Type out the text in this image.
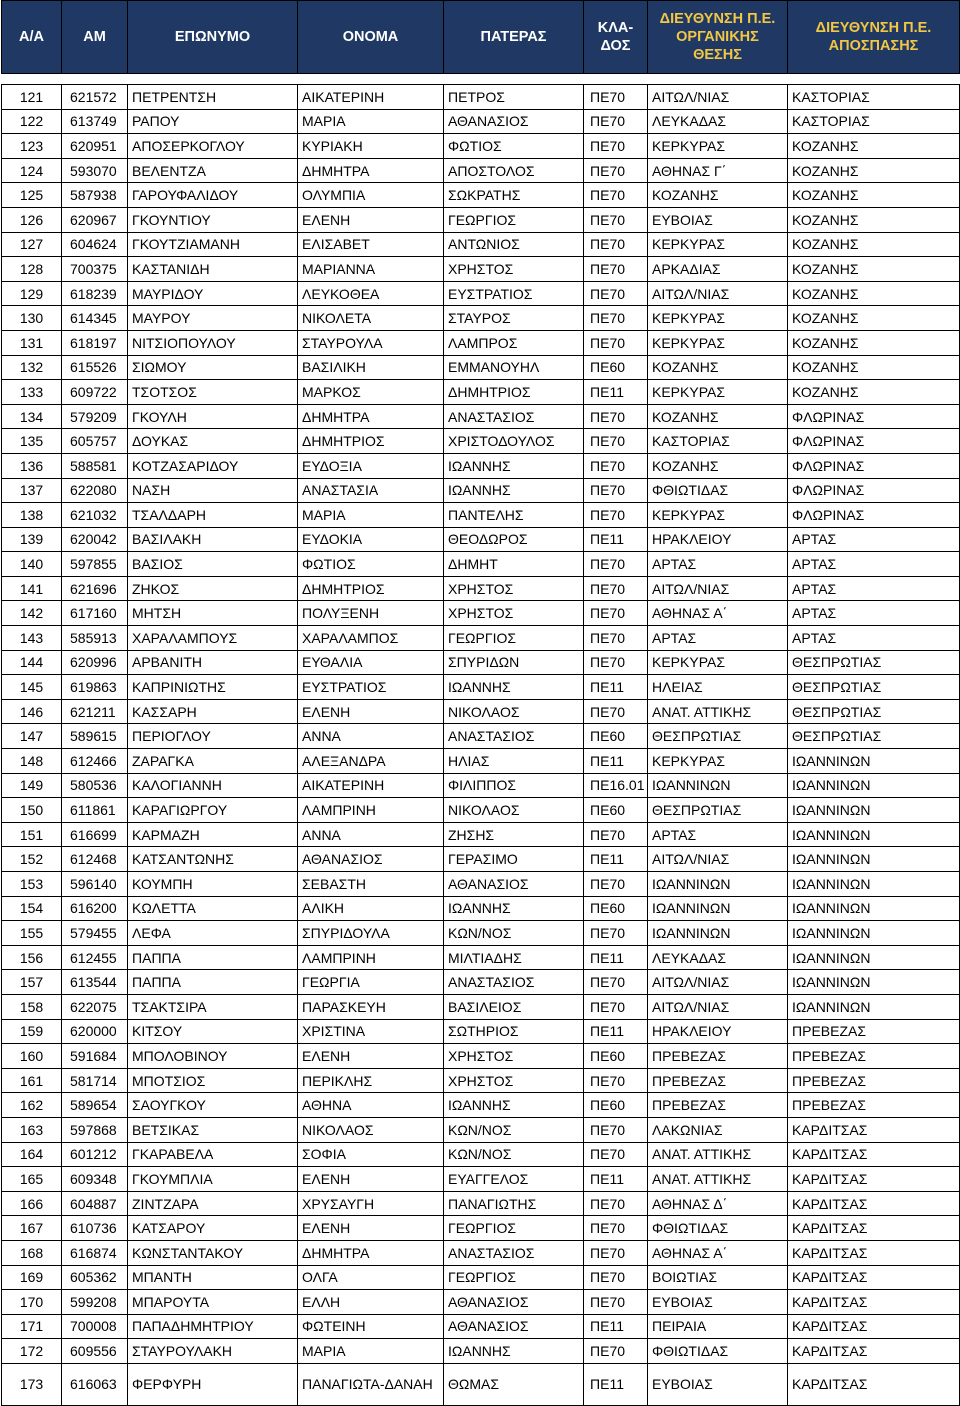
Α/Α	ΑΜ	ΕΠΩΝΥΜΟ	ΟΝΟΜΑ	ΠΑΤΕΡΑΣ	ΚΛΑ-ΔΟΣ	ΔΙΕΥΘΥΝΣΗ Π.Ε. ΟΡΓΑΝΙΚΗΣ ΘΕΣΗΣ	ΔΙΕΥΘΥΝΣΗ Π.Ε. ΑΠΟΣΠΑΣΗΣ

121	621572	ΠΕΤΡΕΝΤΣΗ	ΑΙΚΑΤΕΡΙΝΗ	ΠΕΤΡΟΣ	ΠΕ70	ΑΙΤΩΛ/ΝΙΑΣ	ΚΑΣΤΟΡΙΑΣ
122	613749	ΡΑΠΟΥ	ΜΑΡΙΑ	ΑΘΑΝΑΣΙΟΣ	ΠΕ70	ΛΕΥΚΑΔΑΣ	ΚΑΣΤΟΡΙΑΣ
123	620951	ΑΠΟΣΕΡΚΟΓΛΟΥ	ΚΥΡΙΑΚΗ	ΦΩΤΙΟΣ	ΠΕ70	ΚΕΡΚΥΡΑΣ	ΚΟΖΑΝΗΣ
124	593070	ΒΕΛΕΝΤΖΑ	ΔΗΜΗΤΡΑ	ΑΠΟΣΤΟΛΟΣ	ΠΕ70	ΑΘΗΝΑΣ Γ΄	ΚΟΖΑΝΗΣ
125	587938	ΓΑΡΟΥΦΑΛΙΔΟΥ	ΟΛΥΜΠΙΑ	ΣΩΚΡΑΤΗΣ	ΠΕ70	ΚΟΖΑΝΗΣ	ΚΟΖΑΝΗΣ
126	620967	ΓΚΟΥΝΤΙΟΥ	ΕΛΕΝΗ	ΓΕΩΡΓΙΟΣ	ΠΕ70	ΕΥΒΟΙΑΣ	ΚΟΖΑΝΗΣ
127	604624	ΓΚΟΥΤΖΙΑΜΑΝΗ	ΕΛΙΣΑΒΕΤ	ΑΝΤΩΝΙΟΣ	ΠΕ70	ΚΕΡΚΥΡΑΣ	ΚΟΖΑΝΗΣ
128	700375	ΚΑΣΤΑΝΙΔΗ	ΜΑΡΙΑΝΝΑ	ΧΡΗΣΤΟΣ	ΠΕ70	ΑΡΚΑΔΙΑΣ	ΚΟΖΑΝΗΣ
129	618239	ΜΑΥΡΙΔΟΥ	ΛΕΥΚΟΘΕΑ	ΕΥΣΤΡΑΤΙΟΣ	ΠΕ70	ΑΙΤΩΛ/ΝΙΑΣ	ΚΟΖΑΝΗΣ
130	614345	ΜΑΥΡΟΥ	ΝΙΚΟΛΕΤΑ	ΣΤΑΥΡΟΣ	ΠΕ70	ΚΕΡΚΥΡΑΣ	ΚΟΖΑΝΗΣ
131	618197	ΝΙΤΣΙΟΠΟΥΛΟΥ	ΣΤΑΥΡΟΥΛΑ	ΛΑΜΠΡΟΣ	ΠΕ70	ΚΕΡΚΥΡΑΣ	ΚΟΖΑΝΗΣ
132	615526	ΣΙΩΜΟΥ	ΒΑΣΙΛΙΚΗ	ΕΜΜΑΝΟΥΗΛ	ΠΕ60	ΚΟΖΑΝΗΣ	ΚΟΖΑΝΗΣ
133	609722	ΤΣΟΤΣΟΣ	ΜΑΡΚΟΣ	ΔΗΜΗΤΡΙΟΣ	ΠΕ11	ΚΕΡΚΥΡΑΣ	ΚΟΖΑΝΗΣ
134	579209	ΓΚΟΥΛΗ	ΔΗΜΗΤΡΑ	ΑΝΑΣΤΑΣΙΟΣ	ΠΕ70	ΚΟΖΑΝΗΣ	ΦΛΩΡΙΝΑΣ
135	605757	ΔΟΥΚΑΣ	ΔΗΜΗΤΡΙΟΣ	ΧΡΙΣΤΟΔΟΥΛΟΣ	ΠΕ70	ΚΑΣΤΟΡΙΑΣ	ΦΛΩΡΙΝΑΣ
136	588581	ΚΟΤΖΑΣΑΡΙΔΟΥ	ΕΥΔΟΞΙΑ	ΙΩΑΝΝΗΣ	ΠΕ70	ΚΟΖΑΝΗΣ	ΦΛΩΡΙΝΑΣ
137	622080	ΝΑΣΗ	ΑΝΑΣΤΑΣΙΑ	ΙΩΑΝΝΗΣ	ΠΕ70	ΦΘΙΩΤΙΔΑΣ	ΦΛΩΡΙΝΑΣ
138	621032	ΤΣΑΛΔΑΡΗ	ΜΑΡΙΑ	ΠΑΝΤΕΛΗΣ	ΠΕ70	ΚΕΡΚΥΡΑΣ	ΦΛΩΡΙΝΑΣ
139	620042	ΒΑΣΙΛΑΚΗ	ΕΥΔΟΚΙΑ	ΘΕΟΔΩΡΟΣ	ΠΕ11	ΗΡΑΚΛΕΙΟΥ	ΑΡΤΑΣ
140	597855	ΒΑΣΙΟΣ	ΦΩΤΙΟΣ	ΔΗΜΗΤ	ΠΕ70	ΑΡΤΑΣ	ΑΡΤΑΣ
141	621696	ΖΗΚΟΣ	ΔΗΜΗΤΡΙΟΣ	ΧΡΗΣΤΟΣ	ΠΕ70	ΑΙΤΩΛ/ΝΙΑΣ	ΑΡΤΑΣ
142	617160	ΜΗΤΣΗ	ΠΟΛΥΞΕΝΗ	ΧΡΗΣΤΟΣ	ΠΕ70	ΑΘΗΝΑΣ Α΄	ΑΡΤΑΣ
143	585913	ΧΑΡΑΛΑΜΠΟΥΣ	ΧΑΡΑΛΑΜΠΟΣ	ΓΕΩΡΓΙΟΣ	ΠΕ70	ΑΡΤΑΣ	ΑΡΤΑΣ
144	620996	ΑΡΒΑΝΙΤΗ	ΕΥΘΑΛΙΑ	ΣΠΥΡΙΔΩΝ	ΠΕ70	ΚΕΡΚΥΡΑΣ	ΘΕΣΠΡΩΤΙΑΣ
145	619863	ΚΑΠΡΙΝΙΩΤΗΣ	ΕΥΣΤΡΑΤΙΟΣ	ΙΩΑΝΝΗΣ	ΠΕ11	ΗΛΕΙΑΣ	ΘΕΣΠΡΩΤΙΑΣ
146	621211	ΚΑΣΣΑΡΗ	ΕΛΕΝΗ	ΝΙΚΟΛΑΟΣ	ΠΕ70	ΑΝΑΤ. ΑΤΤΙΚΗΣ	ΘΕΣΠΡΩΤΙΑΣ
147	589615	ΠΕΡΙΟΓΛΟΥ	ΑΝΝΑ	ΑΝΑΣΤΑΣΙΟΣ	ΠΕ60	ΘΕΣΠΡΩΤΙΑΣ	ΘΕΣΠΡΩΤΙΑΣ
148	612466	ΖΑΡΑΓΚΑ	ΑΛΕΞΑΝΔΡΑ	ΗΛΙΑΣ	ΠΕ11	ΚΕΡΚΥΡΑΣ	ΙΩΑΝΝΙΝΩΝ
149	580536	ΚΑΛΟΓΙΑΝΝΗ	ΑΙΚΑΤΕΡΙΝΗ	ΦΙΛΙΠΠΟΣ	ΠΕ16.01	ΙΩΑΝΝΙΝΩΝ	ΙΩΑΝΝΙΝΩΝ
150	611861	ΚΑΡΑΓΙΩΡΓΟΥ	ΛΑΜΠΡΙΝΗ	ΝΙΚΟΛΑΟΣ	ΠΕ60	ΘΕΣΠΡΩΤΙΑΣ	ΙΩΑΝΝΙΝΩΝ
151	616699	ΚΑΡΜΑΖΗ	ΑΝΝΑ	ΖΗΣΗΣ	ΠΕ70	ΑΡΤΑΣ	ΙΩΑΝΝΙΝΩΝ
152	612468	ΚΑΤΣΑΝΤΩΝΗΣ	ΑΘΑΝΑΣΙΟΣ	ΓΕΡΑΣΙΜΟ	ΠΕ11	ΑΙΤΩΛ/ΝΙΑΣ	ΙΩΑΝΝΙΝΩΝ
153	596140	ΚΟΥΜΠΗ	ΣΕΒΑΣΤΗ	ΑΘΑΝΑΣΙΟΣ	ΠΕ70	ΙΩΑΝΝΙΝΩΝ	ΙΩΑΝΝΙΝΩΝ
154	616200	ΚΩΛΕΤΤΑ	ΑΛΙΚΗ	ΙΩΑΝΝΗΣ	ΠΕ60	ΙΩΑΝΝΙΝΩΝ	ΙΩΑΝΝΙΝΩΝ
155	579455	ΛΕΦΑ	ΣΠΥΡΙΔΟΥΛΑ	ΚΩΝ/ΝΟΣ	ΠΕ70	ΙΩΑΝΝΙΝΩΝ	ΙΩΑΝΝΙΝΩΝ
156	612455	ΠΑΠΠΑ	ΛΑΜΠΡΙΝΗ	ΜΙΛΤΙΑΔΗΣ	ΠΕ11	ΛΕΥΚΑΔΑΣ	ΙΩΑΝΝΙΝΩΝ
157	613544	ΠΑΠΠΑ	ΓΕΩΡΓΙΑ	ΑΝΑΣΤΑΣΙΟΣ	ΠΕ70	ΑΙΤΩΛ/ΝΙΑΣ	ΙΩΑΝΝΙΝΩΝ
158	622075	ΤΣΑΚΤΣΙΡΑ	ΠΑΡΑΣΚΕΥΗ	ΒΑΣΙΛΕΙΟΣ	ΠΕ70	ΑΙΤΩΛ/ΝΙΑΣ	ΙΩΑΝΝΙΝΩΝ
159	620000	ΚΙΤΣΟΥ	ΧΡΙΣΤΙΝΑ	ΣΩΤΗΡΙΟΣ	ΠΕ11	ΗΡΑΚΛΕΙΟΥ	ΠΡΕΒΕΖΑΣ
160	591684	ΜΠΟΛΟΒΙΝΟΥ	ΕΛΕΝΗ	ΧΡΗΣΤΟΣ	ΠΕ60	ΠΡΕΒΕΖΑΣ	ΠΡΕΒΕΖΑΣ
161	581714	ΜΠΟΤΣΙΟΣ	ΠΕΡΙΚΛΗΣ	ΧΡΗΣΤΟΣ	ΠΕ70	ΠΡΕΒΕΖΑΣ	ΠΡΕΒΕΖΑΣ
162	589654	ΣΑΟΥΓΚΟΥ	ΑΘΗΝΑ	ΙΩΑΝΝΗΣ	ΠΕ60	ΠΡΕΒΕΖΑΣ	ΠΡΕΒΕΖΑΣ
163	597868	ΒΕΤΣΙΚΑΣ	ΝΙΚΟΛΑΟΣ	ΚΩΝ/ΝΟΣ	ΠΕ70	ΛΑΚΩΝΙΑΣ	ΚΑΡΔΙΤΣΑΣ
164	601212	ΓΚΑΡΑΒΕΛΑ	ΣΟΦΙΑ	ΚΩΝ/ΝΟΣ	ΠΕ70	ΑΝΑΤ. ΑΤΤΙΚΗΣ	ΚΑΡΔΙΤΣΑΣ
165	609348	ΓΚΟΥΜΠΛΙΑ	ΕΛΕΝΗ	ΕΥΑΓΓΕΛΟΣ	ΠΕ11	ΑΝΑΤ. ΑΤΤΙΚΗΣ	ΚΑΡΔΙΤΣΑΣ
166	604887	ΖΙΝΤΖΑΡΑ	ΧΡΥΣΑΥΓΗ	ΠΑΝΑΓΙΩΤΗΣ	ΠΕ70	ΑΘΗΝΑΣ Δ΄	ΚΑΡΔΙΤΣΑΣ
167	610736	ΚΑΤΣΑΡΟΥ	ΕΛΕΝΗ	ΓΕΩΡΓΙΟΣ	ΠΕ70	ΦΘΙΩΤΙΔΑΣ	ΚΑΡΔΙΤΣΑΣ
168	616874	ΚΩΝΣΤΑΝΤΑΚΟΥ	ΔΗΜΗΤΡΑ	ΑΝΑΣΤΑΣΙΟΣ	ΠΕ70	ΑΘΗΝΑΣ Α΄	ΚΑΡΔΙΤΣΑΣ
169	605362	ΜΠΑΝΤΗ	ΟΛΓΑ	ΓΕΩΡΓΙΟΣ	ΠΕ70	ΒΟΙΩΤΙΑΣ	ΚΑΡΔΙΤΣΑΣ
170	599208	ΜΠΑΡΟΥΤΑ	ΕΛΛΗ	ΑΘΑΝΑΣΙΟΣ	ΠΕ70	ΕΥΒΟΙΑΣ	ΚΑΡΔΙΤΣΑΣ
171	700008	ΠΑΠΑΔΗΜΗΤΡΙΟΥ	ΦΩΤΕΙΝΗ	ΑΘΑΝΑΣΙΟΣ	ΠΕ11	ΠΕΙΡΑΙΑ	ΚΑΡΔΙΤΣΑΣ
172	609556	ΣΤΑΥΡΟΥΛΑΚΗ	ΜΑΡΙΑ	ΙΩΑΝΝΗΣ	ΠΕ70	ΦΘΙΩΤΙΔΑΣ	ΚΑΡΔΙΤΣΑΣ
173	616063	ΦΕΡΦΥΡΗ	ΠΑΝΑΓΙΩΤΑ-ΔΑΝΑΗ	ΘΩΜΑΣ	ΠΕ11	ΕΥΒΟΙΑΣ	ΚΑΡΔΙΤΣΑΣ
